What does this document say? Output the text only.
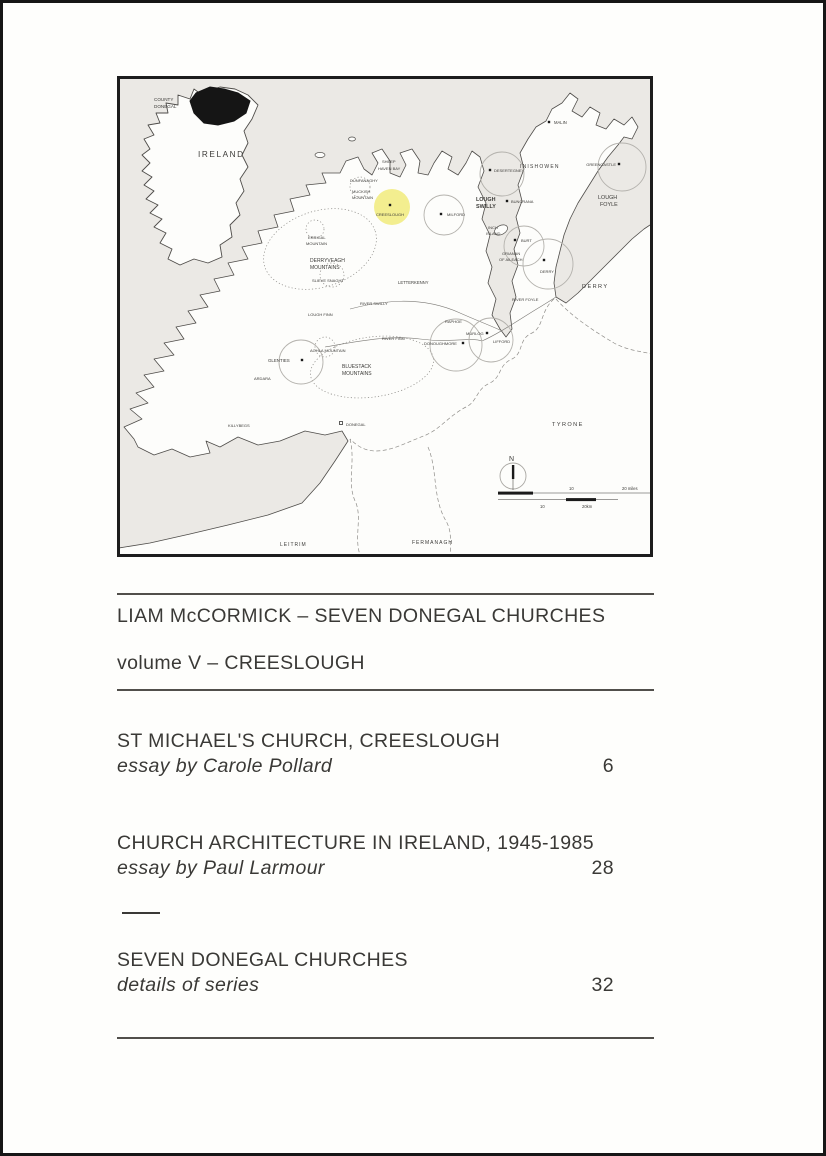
COUNTY
DONEGAL
IRELAND
MALIN
INISHOWEN	GREENCASTLE
LOUGH
SWILLY
LOUGH
FOYLE
DESERTEGNEY
BUNCRANA
SHEEP
HAVEN BAY
DUNFANAGHY
MUCKISH
MOUNTAIN
CREESLOUGH	MILFORD
INCH
ISLAND
BURT
GRIANAN
OF AILEACH
DERRY
DERRY
LETTERKENNY
RIVER SWILLY
ERRIGAL
MOUNTAIN
DERRYVEAGH
MOUNTAINS
SLIEVE SNAGHT
LOUGH FINN
RIVER FINN
AGHLA MOUNTAIN
GLENTIES
ARDARA
BLUESTACK
MOUNTAINS
KILLYBEGS	DONEGAL
RAPHOE
MURLOG
LIFFORD
DONOUGHMORE
RIVER FOYLE
TYRONE
LEITRIM	FERMANAGH
N
10	20 miles
10	20km
LIAM McCORMICK – SEVEN DONEGAL CHURCHES
volume V – CREESLOUGH
ST MICHAEL'S CHURCH, CREESLOUGH
essay by Carole Pollard	6
CHURCH ARCHITECTURE IN IRELAND, 1945-1985
essay by Paul Larmour	28
SEVEN DONEGAL CHURCHES
details of series	32
